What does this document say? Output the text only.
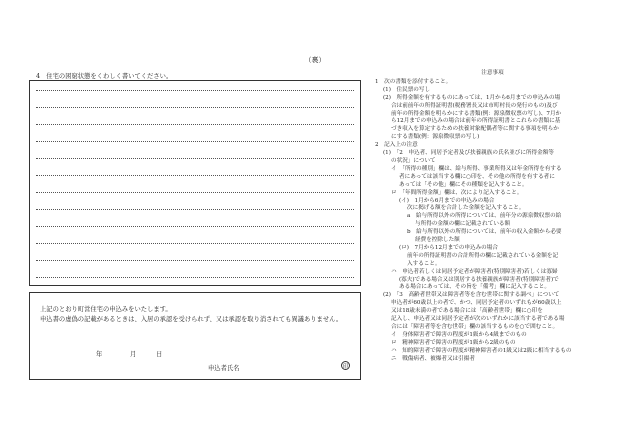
（裏）
4　住宅の困窮状態をくわしく書いてください。
上記のとおり町営住宅の申込みをいたします。
申込書の虚偽の記載があるときは、入居の承認を受けられず、又は承認を取り消されても異議ありません。
年	月	日
申込者氏名	印
注意事項

1　次の書類を添付すること。

(1)　住民票の写し

(2)　所得金額を有するものにあっては、1月から6月までの申込みの場

合は前前年の所得証明書(税務署長又は市町村長の発行のもの)及び

前年の所得金額を明らかにする書類(例：源泉徴収票の写し)、7月か

ら12月までの申込みの場合は前年の所得証明書とこれらの書類に基

づき収入を算定するための扶養対象配偶者等に関する事項を明らか

にする書類(例：源泉徴収票の写し)

2　記入上の注意

(1)　「2　申込者、同居予定者及び扶養親族の氏名並びに所得金額等

の状況」について

イ　「所得の種別」欄は、給与所得、事業所得又は年金所得を有する

者にあっては該当する欄に○印を、その他の所得を有する者に

あっては「その他」欄にその種類を記入すること。

ロ　「年間所得金額」欄は、次により記入すること。

(イ)　1月から6月までの申込みの場合

次に掲げる額を合計した金額を記入すること。

a　給与所得以外の所得については、前年分の源泉徴収票の給

与所得の金額の欄に記載されている額

b　給与所得以外の所得については、前年の収入金額から必要

経費を控除した額

(ロ)　7月から12月までの申込みの場合

前年の所得証明書の合計所得の欄に記載されている金額を記

入すること。

ハ　申込者若しくは同居予定者が障害者(特別障害者)若しくは寡婦

(寡夫)である場合又は別居する扶養親族が障害者(特別障害者)で

ある場合にあっては、その旨を「備考」欄に記入すること。

(2)　「3　高齢者世帯又は障害者等を含む世帯に関する調べ」について

申込者が60歳以上の者で、かつ、同居予定者のいずれもが60歳以上

又は18歳未満の者である場合には「高齢者世帯」欄に○印を

記入し、申込者又は同居予定者が次のいずれかに該当する者である場

合には「障害者等を含む世帯」欄の該当するものを○で囲むこと。

イ　身体障害者で障害の程度が1級から4級までのもの

ロ　精神障害者で障害の程度が1級から2級のもの

ハ　知的障害者で障害の程度が精神障害者の1級又は2級に相当するもの

ニ　戦傷病者、被爆者又は引揚者
